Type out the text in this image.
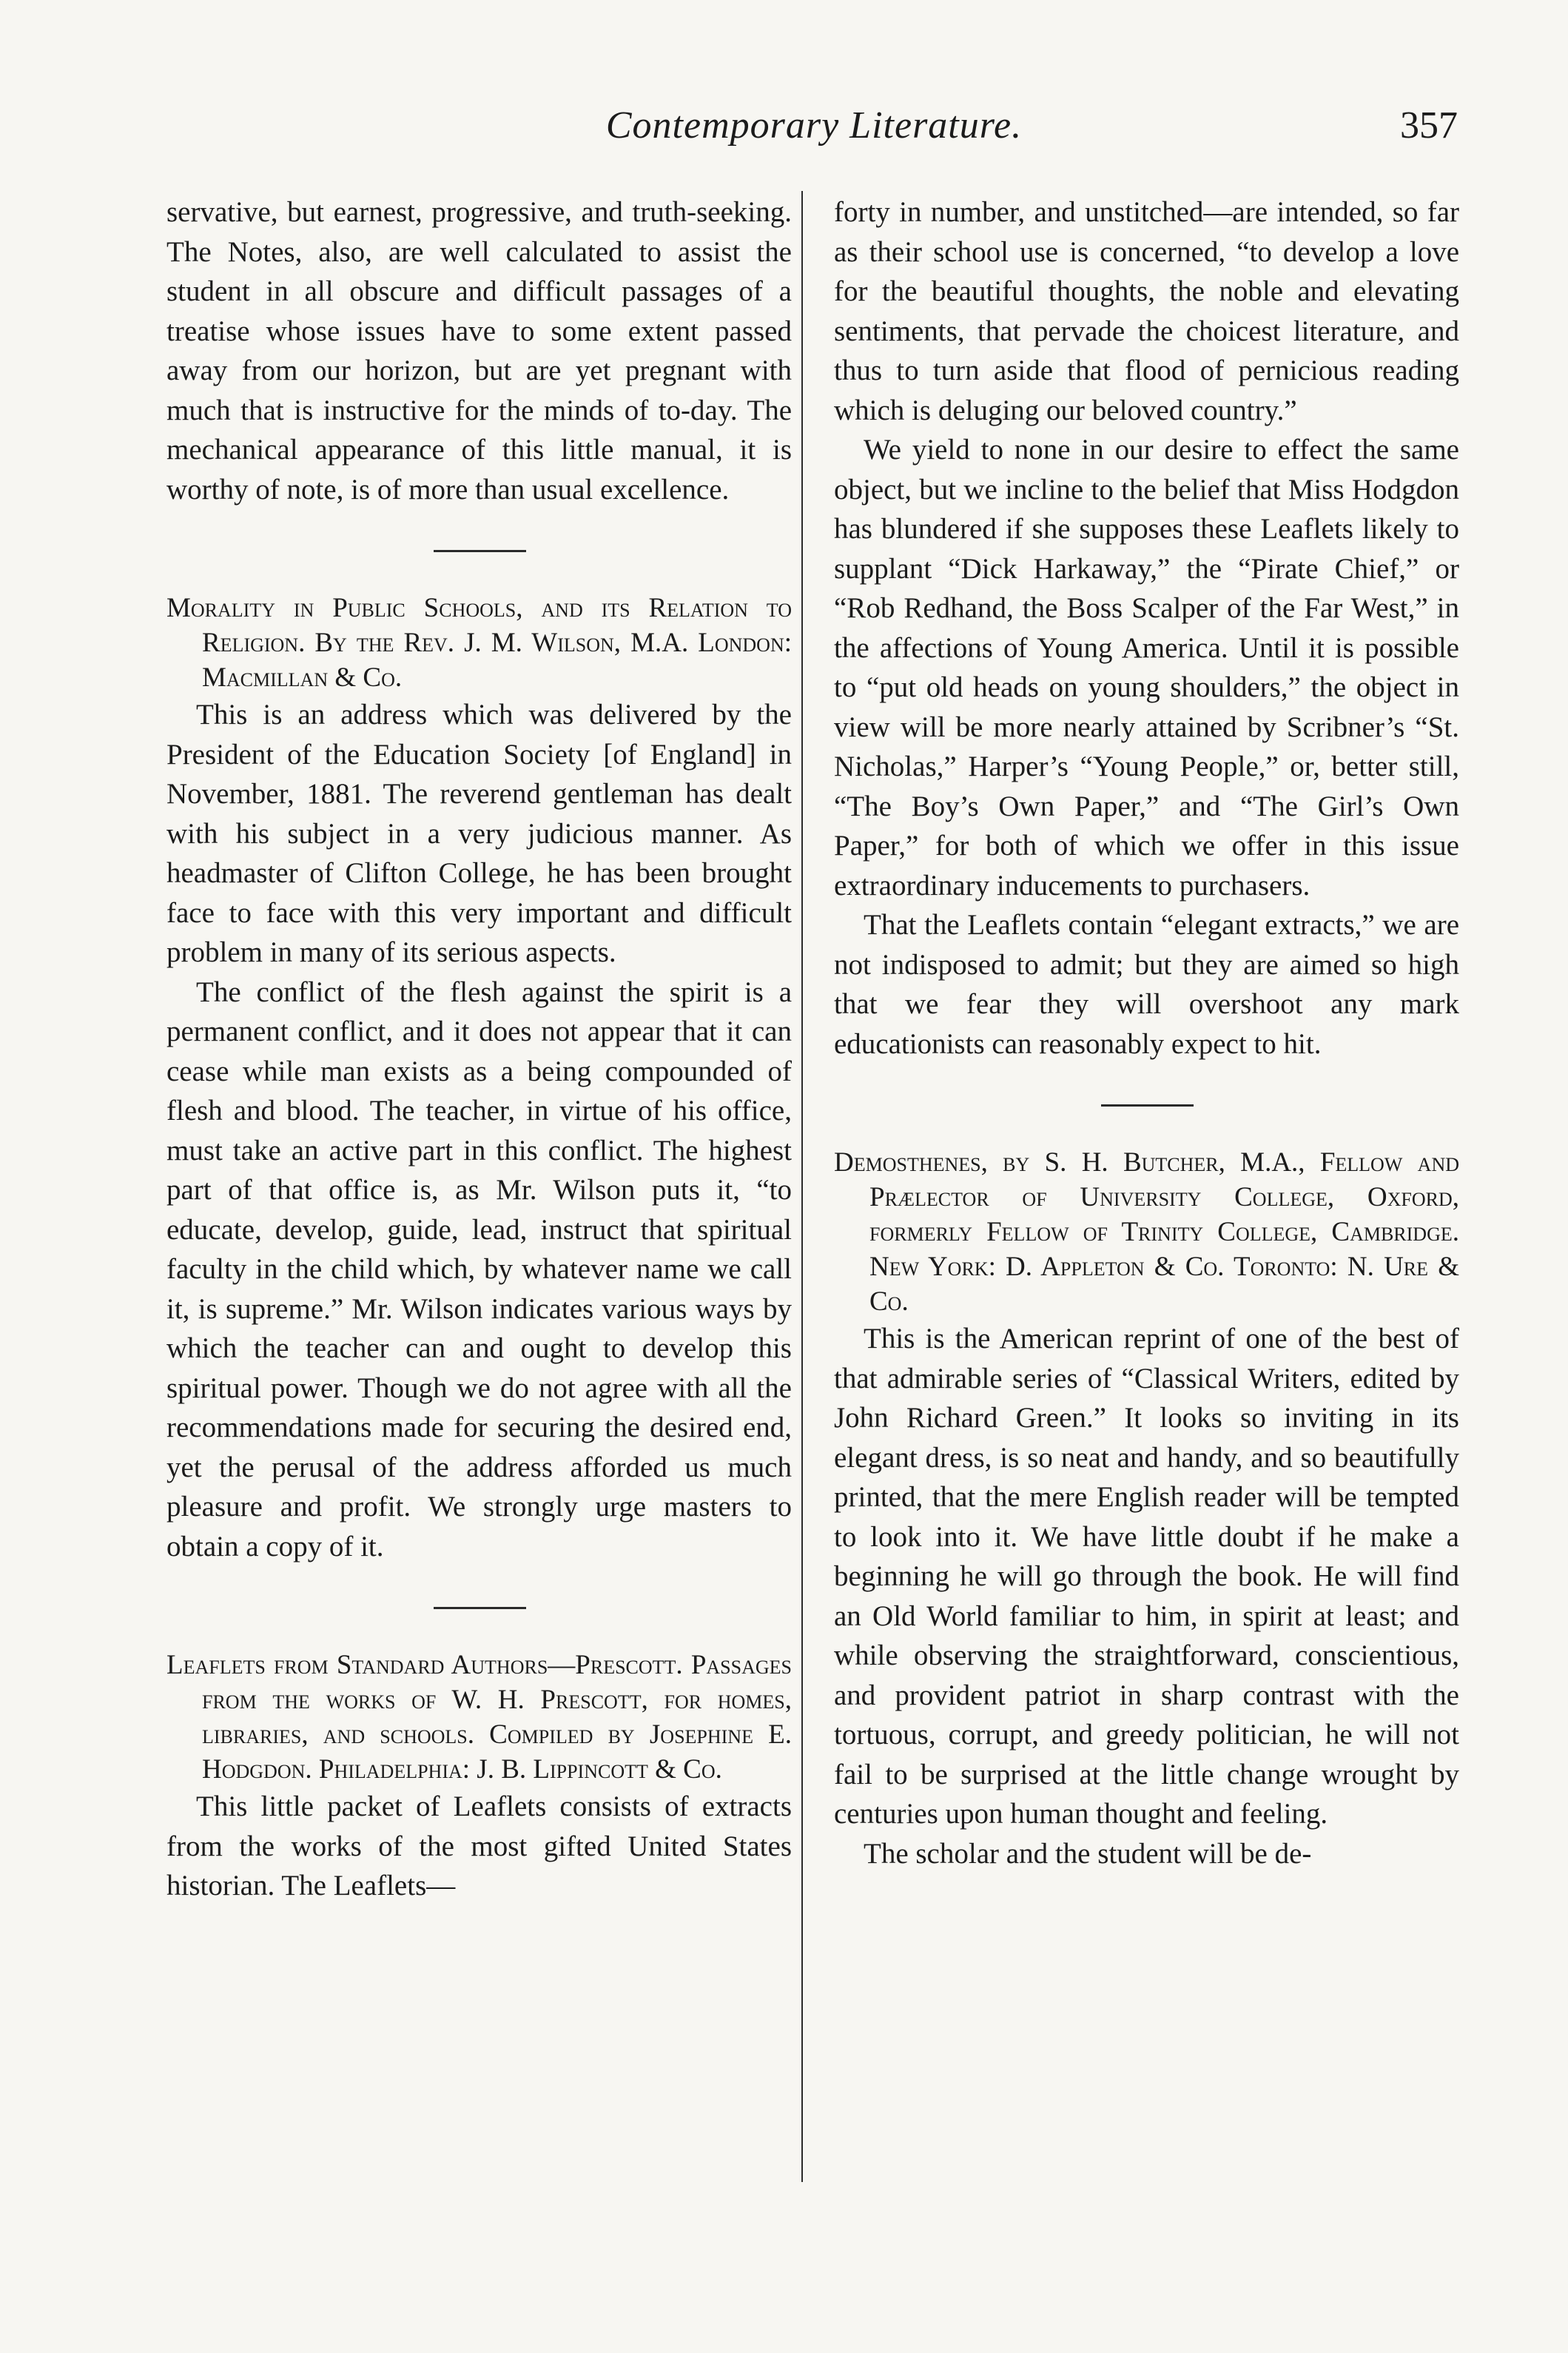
Contemporary Literature.	357

servative, but earnest, progressive, and truth-seeking. The Notes, also, are well calculated to assist the student in all obscure and difficult passages of a treatise whose issues have to some extent passed away from our horizon, but are yet pregnant with much that is instructive for the minds of to-day. The mechanical appearance of this little manual, it is worthy of note, is of more than usual excellence.

Morality in Public Schools, and its Relation to Religion. By the Rev. J. M. Wilson, M.A. London: Macmillan & Co.

This is an address which was delivered by the President of the Education Society [of England] in November, 1881. The reverend gentleman has dealt with his subject in a very judicious manner. As headmaster of Clifton College, he has been brought face to face with this very important and difficult problem in many of its serious aspects.

The conflict of the flesh against the spirit is a permanent conflict, and it does not appear that it can cease while man exists as a being compounded of flesh and blood. The teacher, in virtue of his office, must take an active part in this conflict. The highest part of that office is, as Mr. Wilson puts it, “to educate, develop, guide, lead, instruct that spiritual faculty in the child which, by whatever name we call it, is supreme.” Mr. Wilson indicates various ways by which the teacher can and ought to develop this spiritual power. Though we do not agree with all the recommendations made for securing the desired end, yet the perusal of the address afforded us much pleasure and profit. We strongly urge masters to obtain a copy of it.

Leaflets from Standard Authors—Prescott. Passages from the works of W. H. Prescott, for homes, libraries, and schools. Compiled by Josephine E. Hodgdon. Philadelphia: J. B. Lippincott & Co.

This little packet of Leaflets consists of extracts from the works of the most gifted United States historian. The Leaflets—

forty in number, and unstitched—are intended, so far as their school use is concerned, “to develop a love for the beautiful thoughts, the noble and elevating sentiments, that pervade the choicest literature, and thus to turn aside that flood of pernicious reading which is deluging our beloved country.”

We yield to none in our desire to effect the same object, but we incline to the belief that Miss Hodgdon has blundered if she supposes these Leaflets likely to supplant “Dick Harkaway,” the “Pirate Chief,” or “Rob Redhand, the Boss Scalper of the Far West,” in the affections of Young America. Until it is possible to “put old heads on young shoulders,” the object in view will be more nearly attained by Scribner’s “St. Nicholas,” Harper’s “Young People,” or, better still, “The Boy’s Own Paper,” and “The Girl’s Own Paper,” for both of which we offer in this issue extraordinary inducements to purchasers.

That the Leaflets contain “elegant extracts,” we are not indisposed to admit; but they are aimed so high that we fear they will overshoot any mark educationists can reasonably expect to hit.

Demosthenes, by S. H. Butcher, M.A., Fellow and Prælector of University College, Oxford, formerly Fellow of Trinity College, Cambridge. New York: D. Appleton & Co. Toronto: N. Ure & Co.

This is the American reprint of one of the best of that admirable series of “Classical Writers, edited by John Richard Green.” It looks so inviting in its elegant dress, is so neat and handy, and so beautifully printed, that the mere English reader will be tempted to look into it. We have little doubt if he make a beginning he will go through the book. He will find an Old World familiar to him, in spirit at least; and while observing the straightforward, conscientious, and provident patriot in sharp contrast with the tortuous, corrupt, and greedy politician, he will not fail to be surprised at the little change wrought by centuries upon human thought and feeling.

The scholar and the student will be de-
